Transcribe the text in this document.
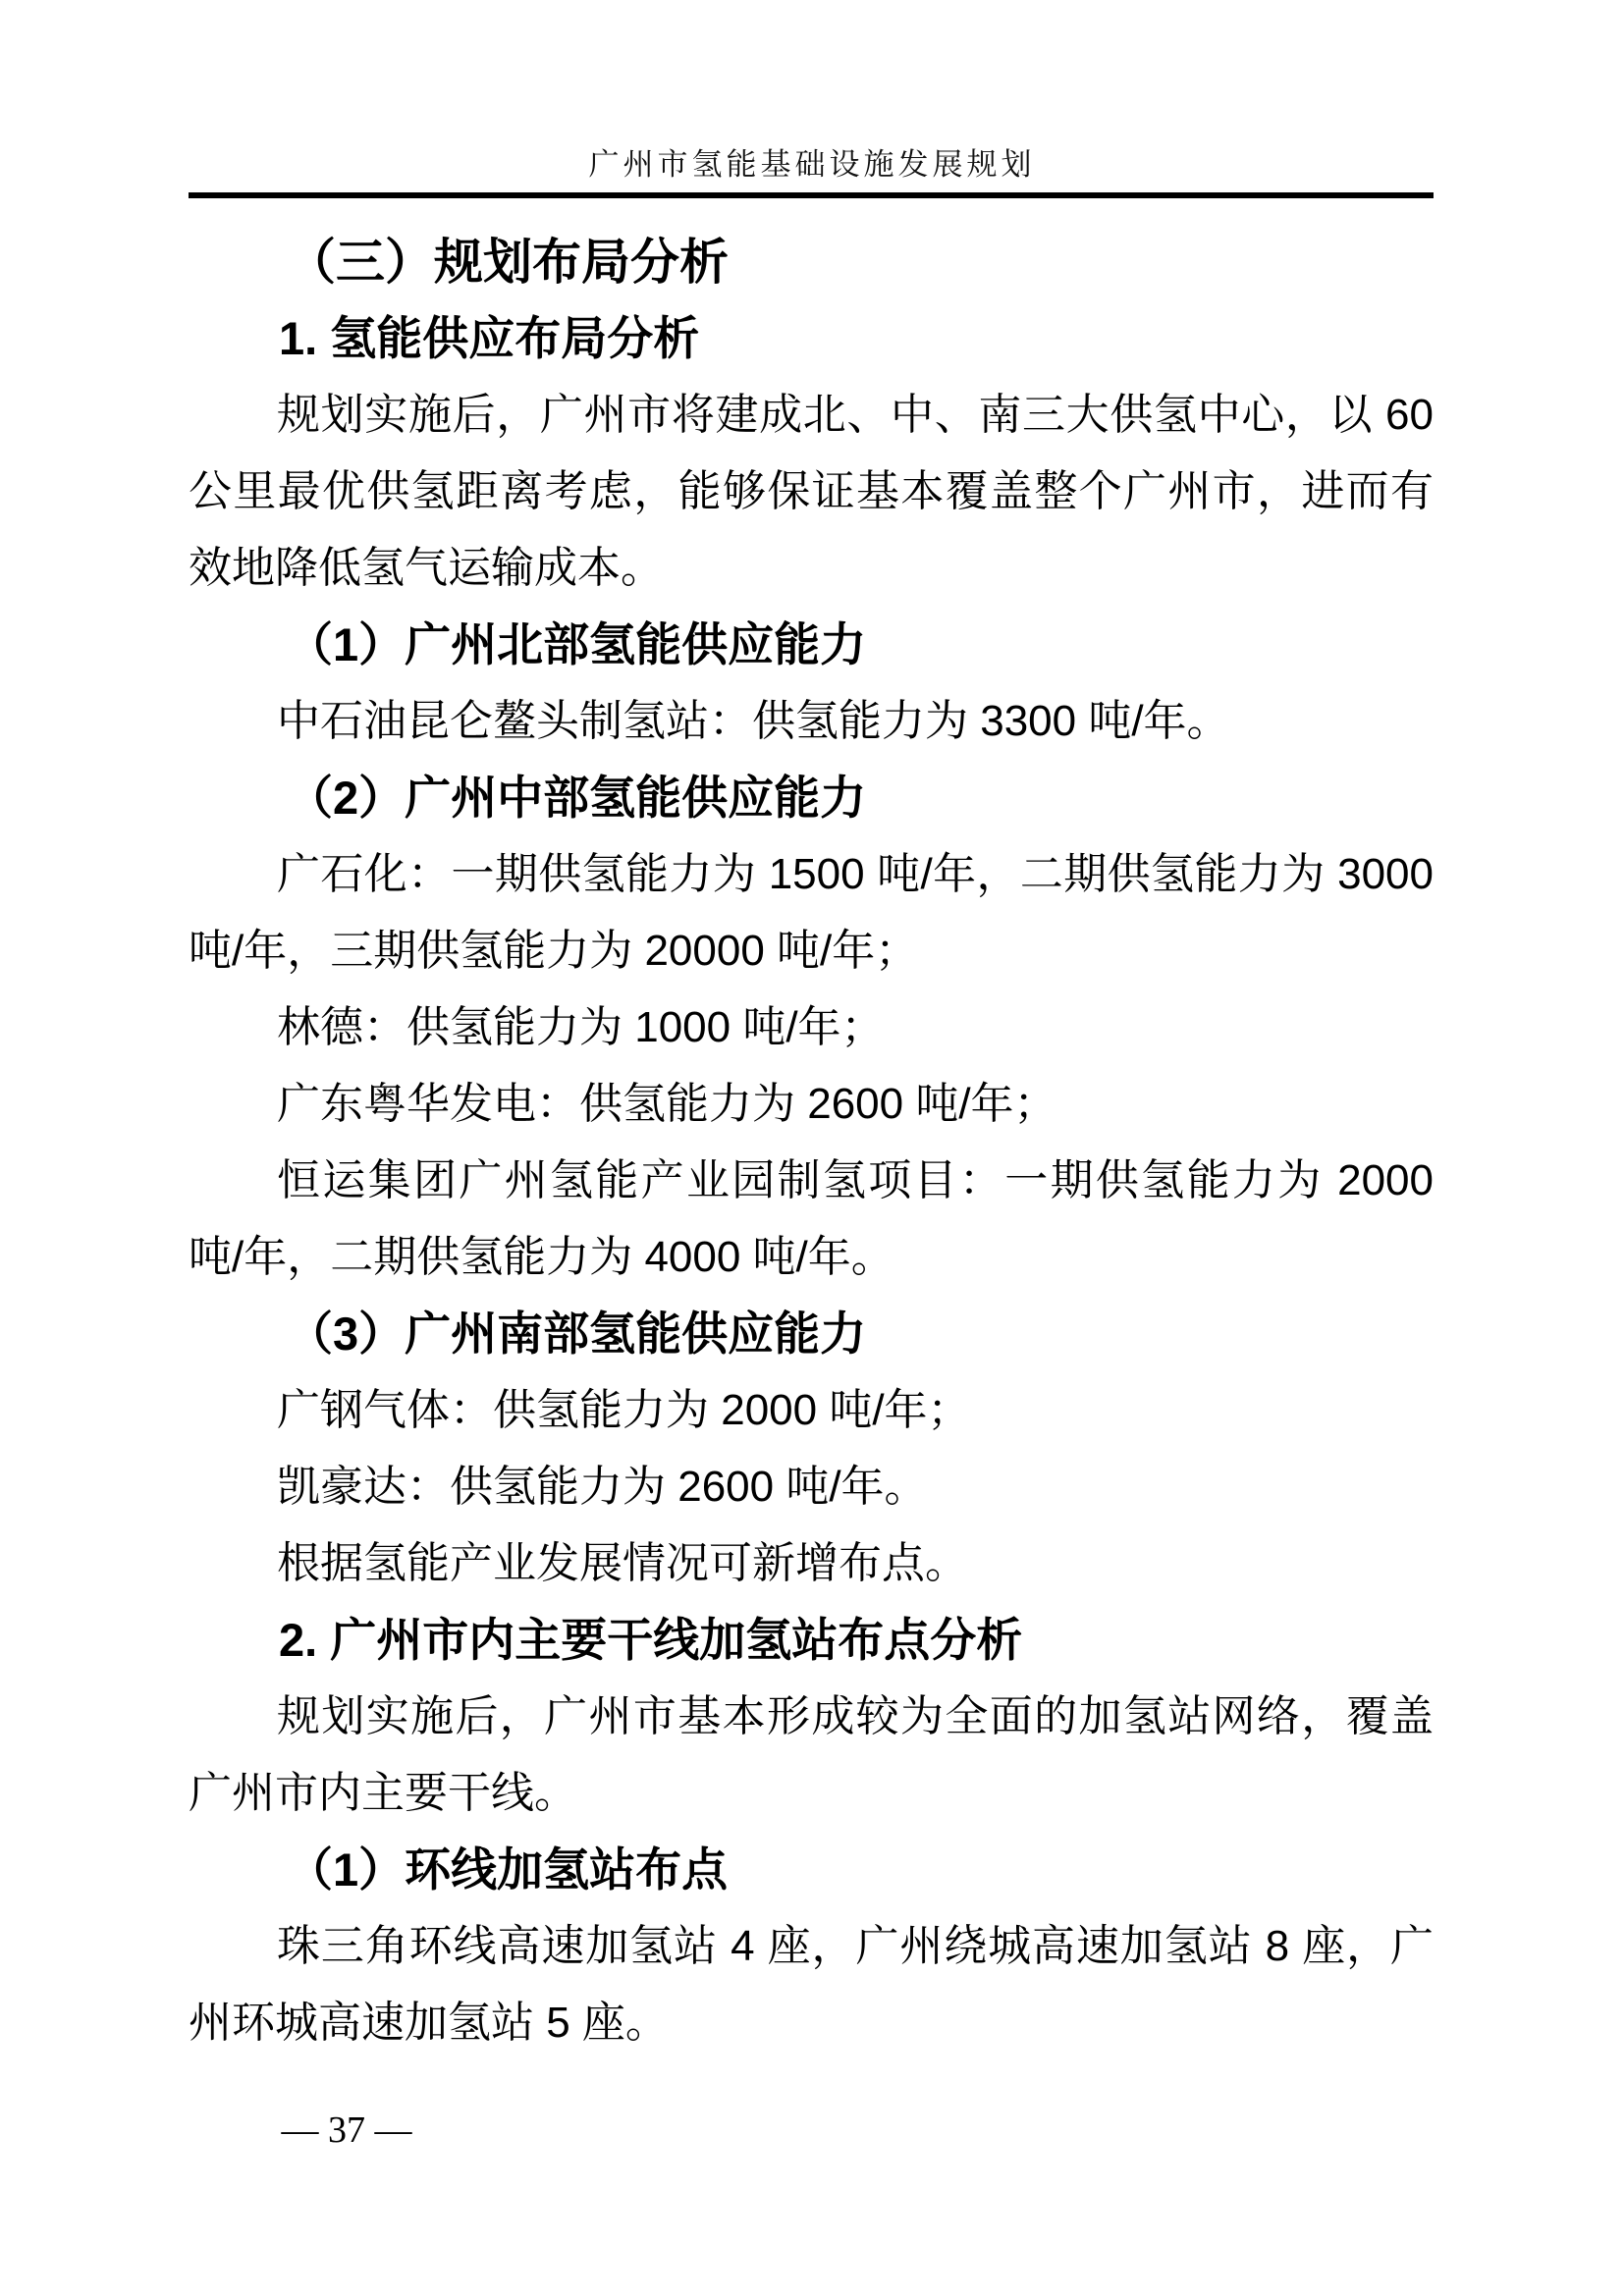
广州市氢能基础设施发展规划

（三）规划布局分析

1. 氢能供应布局分析

规划实施后，广州市将建成北、中、南三大供氢中心，以 60 公里最优供氢距离考虑，能够保证基本覆盖整个广州市，进而有效地降低氢气运输成本。

（1）广州北部氢能供应能力

中石油昆仑鳌头制氢站：供氢能力为 3300 吨/年。

（2）广州中部氢能供应能力

广石化：一期供氢能力为 1500 吨/年，二期供氢能力为 3000 吨/年，三期供氢能力为 20000 吨/年；

林德：供氢能力为 1000 吨/年；

广东粤华发电：供氢能力为 2600 吨/年；

恒运集团广州氢能产业园制氢项目：一期供氢能力为 2000 吨/年，二期供氢能力为 4000 吨/年。

（3）广州南部氢能供应能力

广钢气体：供氢能力为 2000 吨/年；

凯豪达：供氢能力为 2600 吨/年。

根据氢能产业发展情况可新增布点。

2. 广州市内主要干线加氢站布点分析

规划实施后，广州市基本形成较为全面的加氢站网络，覆盖广州市内主要干线。

（1）环线加氢站布点

珠三角环线高速加氢站 4 座，广州绕城高速加氢站 8 座，广州环城高速加氢站 5 座。

— 37 —
